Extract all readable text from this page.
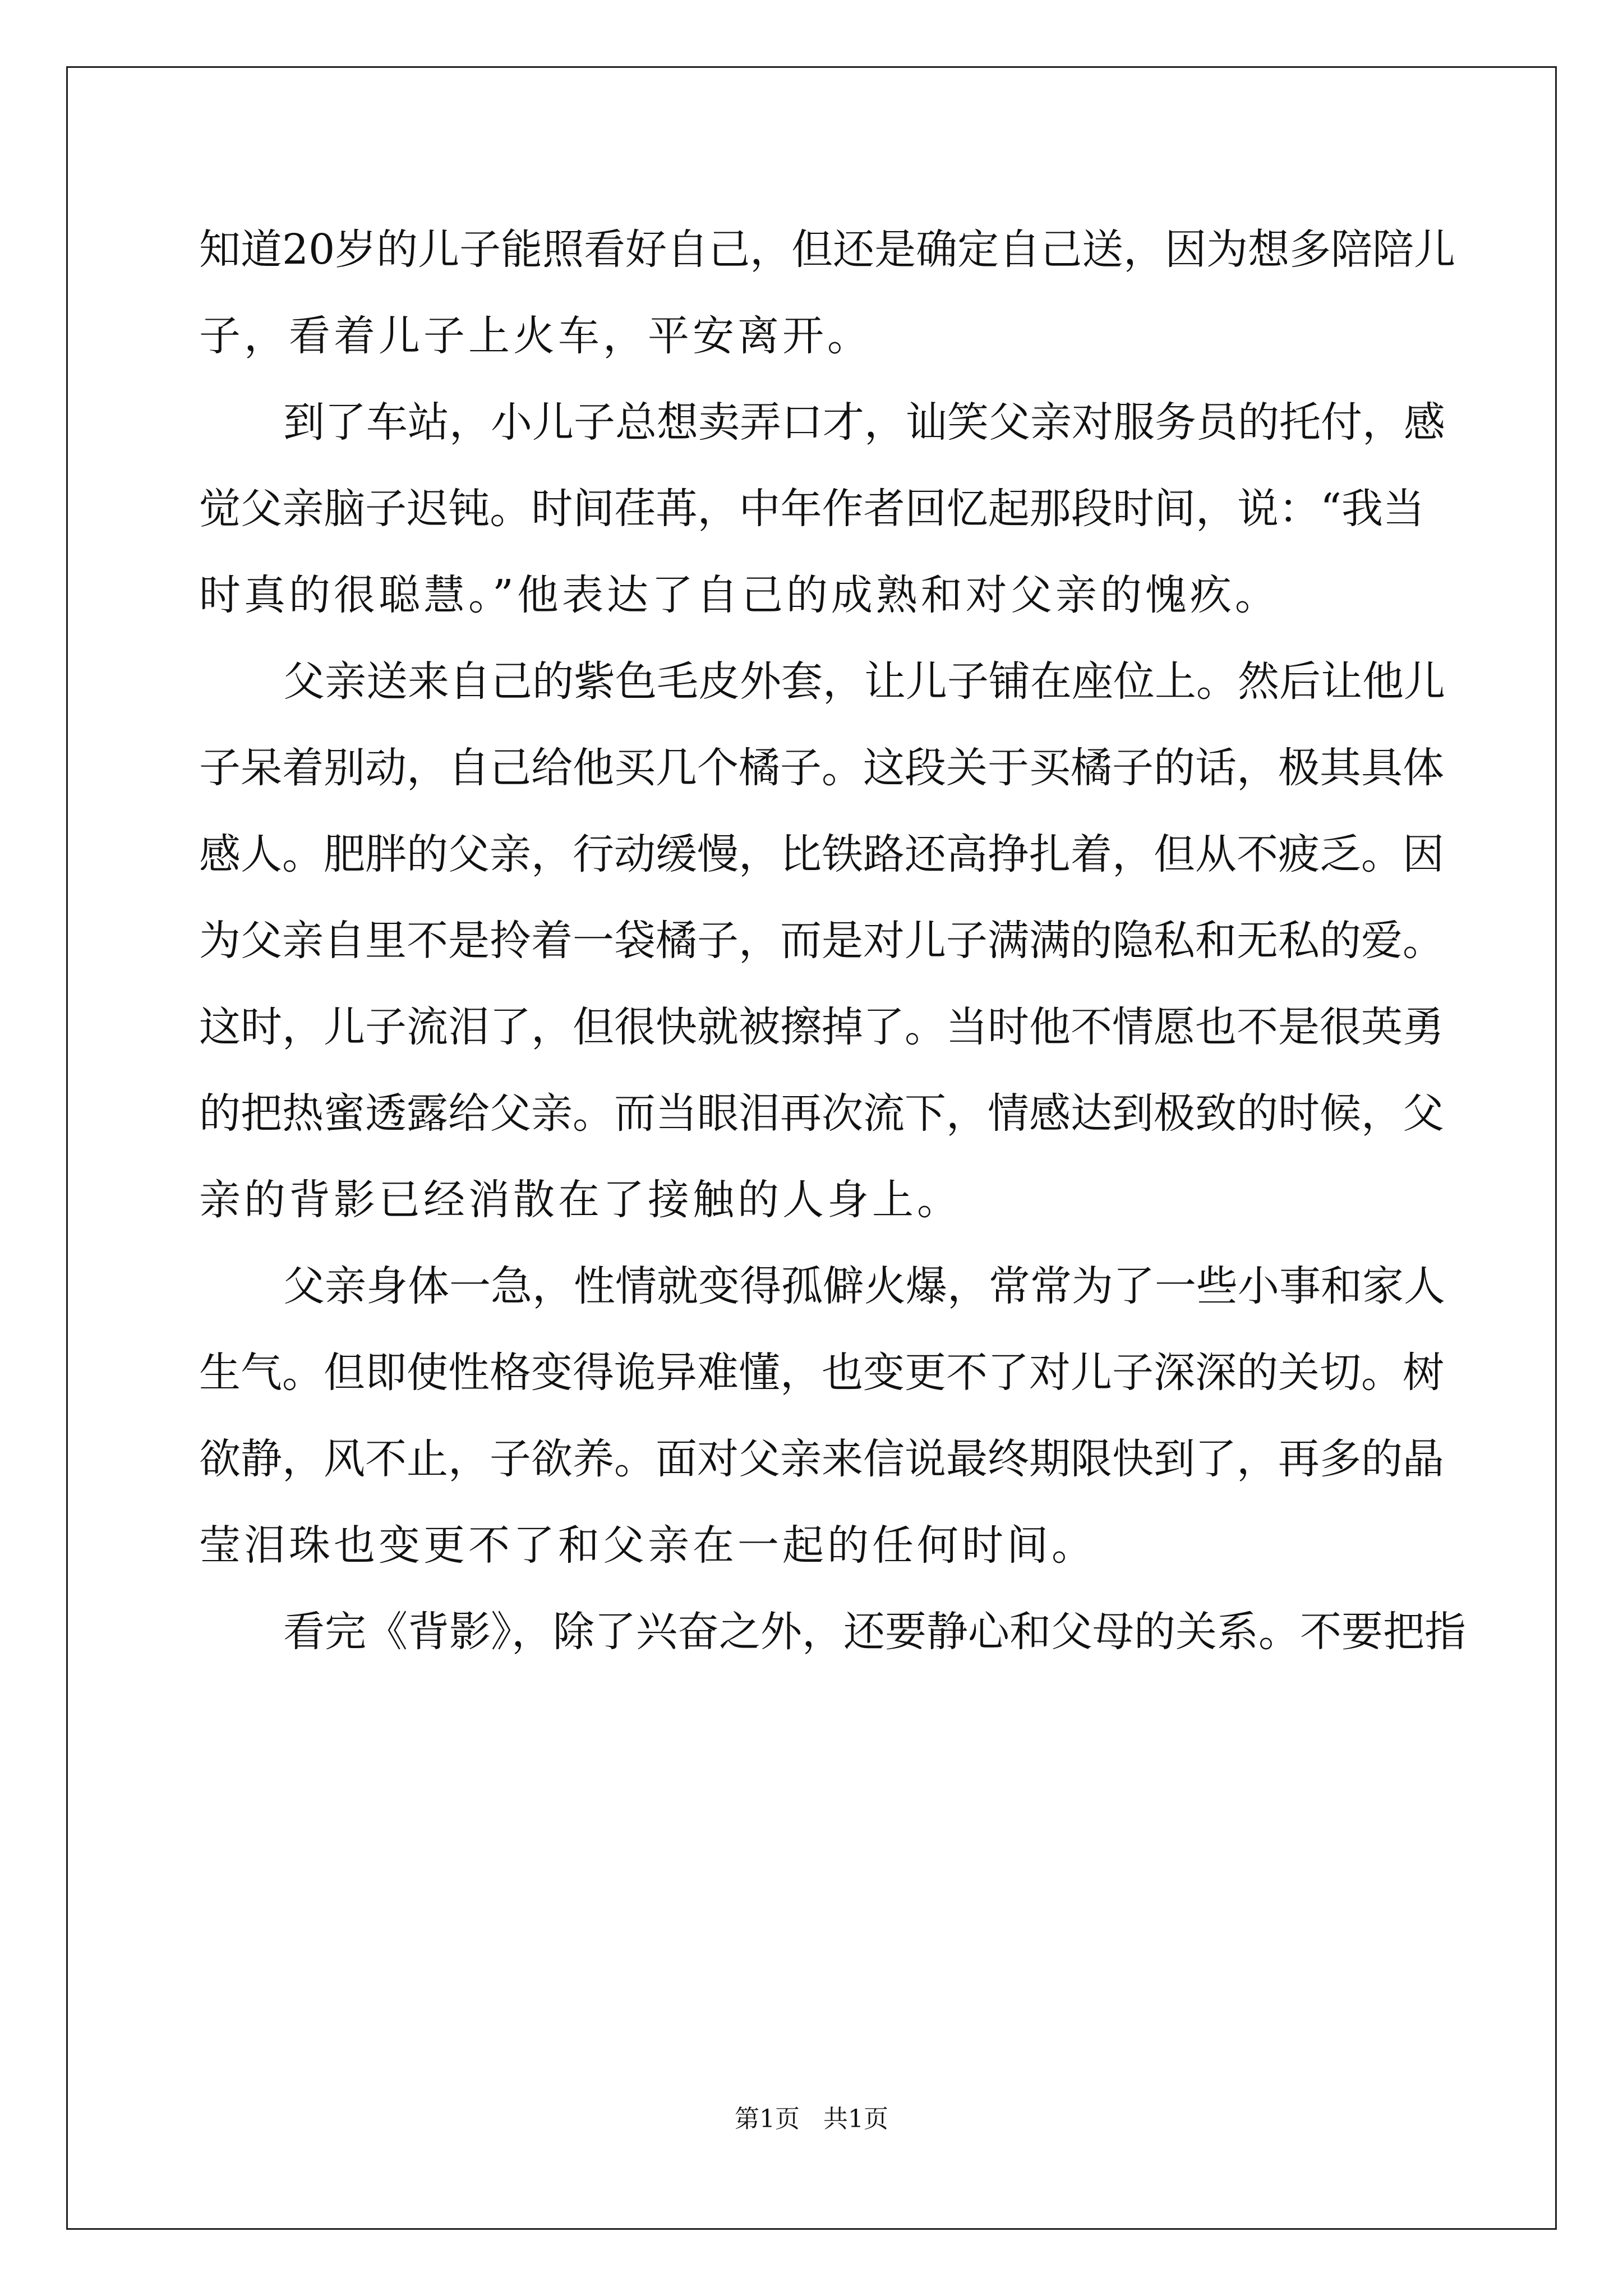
知道20岁的儿子能照看好自己，但还是确定自己送，因为想多陪陪儿
子，看着儿子上火车，平安离开。
到了车站，小儿子总想卖弄口才，讪笑父亲对服务员的托付，感
觉父亲脑子迟钝。时间荏苒，中年作者回忆起那段时间，说：“我当
时真的很聪慧。”他表达了自己的成熟和对父亲的愧疚。
父亲送来自己的紫色毛皮外套，让儿子铺在座位上。然后让他儿
子呆着别动，自己给他买几个橘子。这段关于买橘子的话，极其具体
感人。肥胖的父亲，行动缓慢，比铁路还高挣扎着，但从不疲乏。因
为父亲自里不是拎着一袋橘子，而是对儿子满满的隐私和无私的爱。
这时，儿子流泪了，但很快就被擦掉了。当时他不情愿也不是很英勇
的把热蜜透露给父亲。而当眼泪再次流下，情感达到极致的时候，父
亲的背影已经消散在了接触的人身上。
父亲身体一急，性情就变得孤僻火爆，常常为了一些小事和家人
生气。但即使性格变得诡异难懂，也变更不了对儿子深深的关切。树
欲静，风不止，子欲养。面对父亲来信说最终期限快到了，再多的晶
莹泪珠也变更不了和父亲在一起的任何时间。
看完《背影》，除了兴奋之外，还要静心和父母的关系。不要把指
第1页   共1页
